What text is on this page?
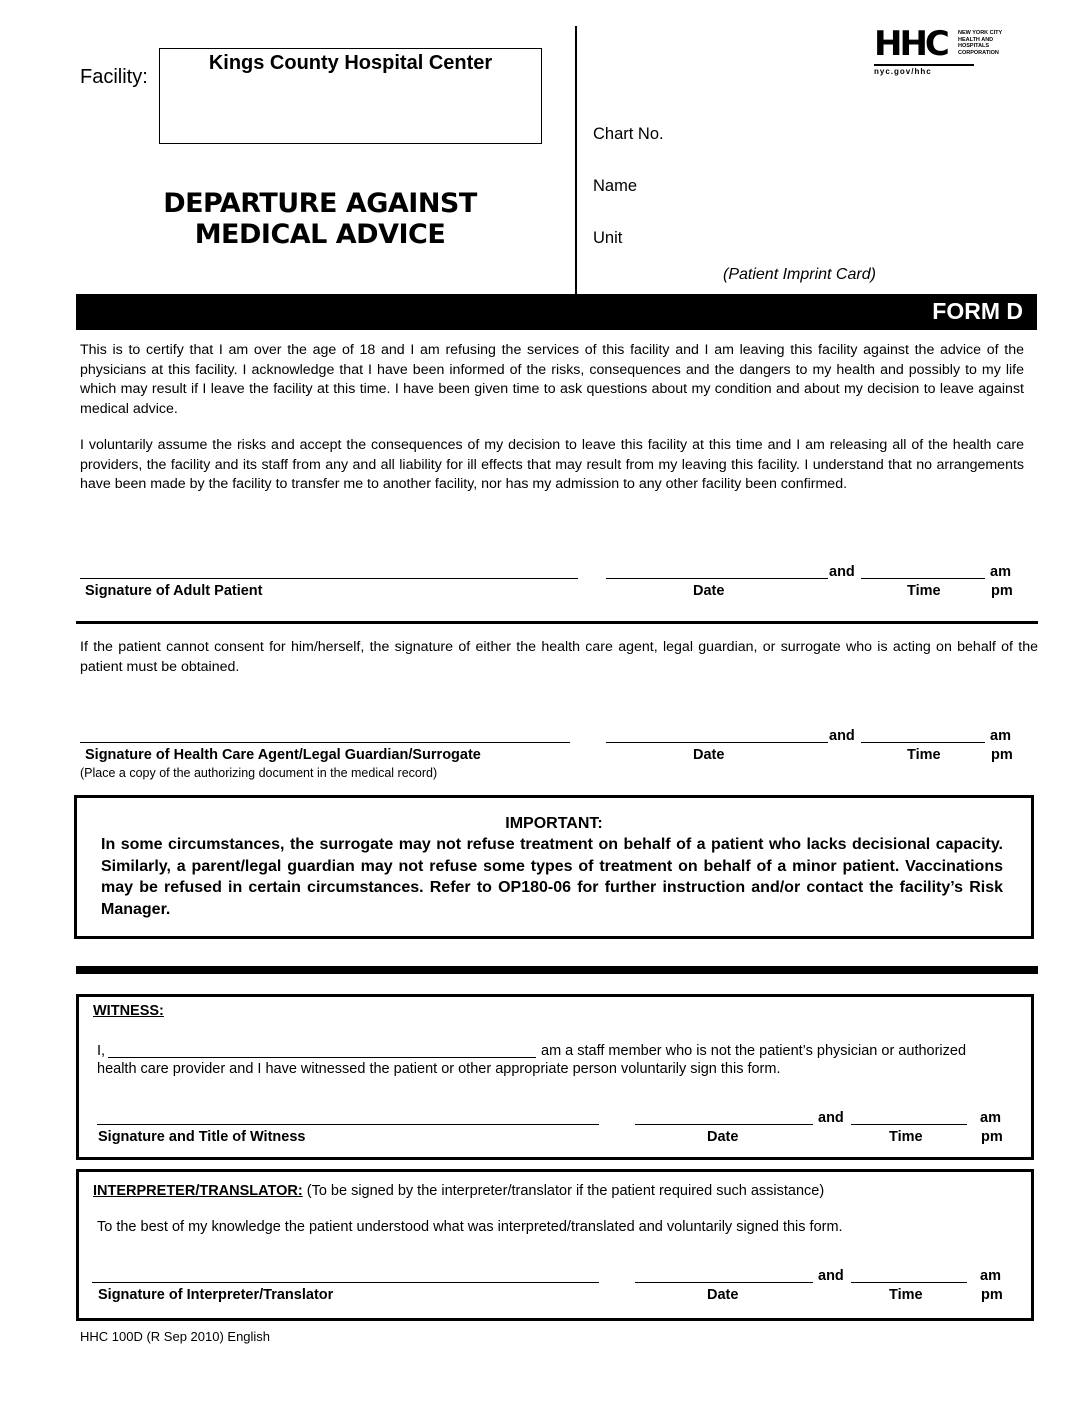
Facility:
Kings County Hospital Center
DEPARTURE AGAINST
MEDICAL ADVICE
HHC NEW YORK CITY
HEALTH AND
HOSPITALS
CORPORATION
nyc.gov/hhc
Chart No.
Name
Unit
(Patient Imprint Card)
FORM D
This is to certify that I am over the age of 18 and I am refusing the services of this facility and I am leaving this facility against the advice of the physicians at this facility. I acknowledge that I have been informed of the risks, consequences and the dangers to my health and possibly to my life which may result if I leave the facility at this time. I have been given time to ask questions about my condition and about my decision to leave against medical advice.
I voluntarily assume the risks and accept the consequences of my decision to leave this facility at this time and I am releasing all of the health care providers, the facility and its staff from any and all liability for ill effects that may result from my leaving this facility. I understand that no arrangements have been made by the facility to transfer me to another facility, nor has my admission to any other facility been confirmed.
and	am
Signature of Adult Patient	Date	Time	pm
If the patient cannot consent for him/herself, the signature of either the health care agent, legal guardian, or surrogate who is acting on behalf of the patient must be obtained.
and	am
Signature of Health Care Agent/Legal Guardian/Surrogate	Date	Time	pm
(Place a copy of the authorizing document in the medical record)
IMPORTANT:
In some circumstances, the surrogate may not refuse treatment on behalf of a patient who lacks decisional capacity. Similarly, a parent/legal guardian may not refuse some types of treatment on behalf of a minor patient. Vaccinations may be refused in certain circumstances. Refer to OP180-06 for further instruction and/or contact the facility’s Risk Manager.
WITNESS:
I,	am a staff member who is not the patient’s physician or authorized
health care provider and I have witnessed the patient or other appropriate person voluntarily sign this form.
and	am
Signature and Title of Witness	Date	Time	pm
INTERPRETER/TRANSLATOR: (To be signed by the interpreter/translator if the patient required such assistance)
To the best of my knowledge the patient understood what was interpreted/translated and voluntarily signed this form.
and	am
Signature of Interpreter/Translator	Date	Time	pm
HHC 100D (R Sep 2010) English
